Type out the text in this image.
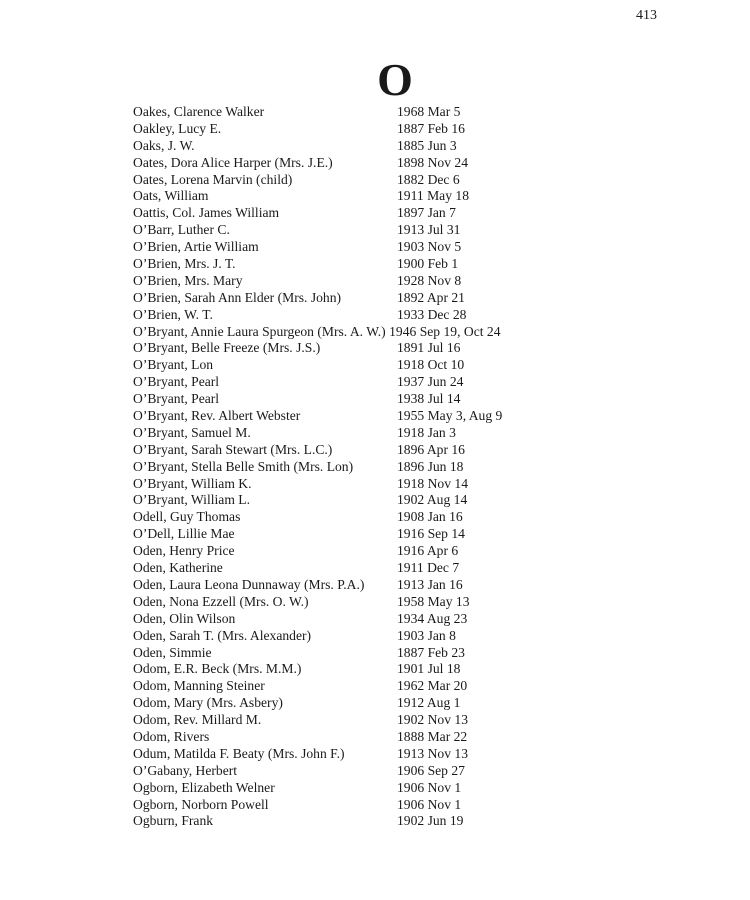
413
O
Oakes, Clarence Walker	1968 Mar 5
Oakley, Lucy E.	1887 Feb 16
Oaks, J. W.	1885 Jun 3
Oates, Dora Alice Harper (Mrs. J.E.)	1898 Nov 24
Oates, Lorena Marvin (child)	1882 Dec 6
Oats, William	1911 May 18
Oattis, Col. James William	1897 Jan 7
O’Barr, Luther C.	1913 Jul 31
O’Brien, Artie William	1903 Nov 5
O’Brien, Mrs. J. T.	1900 Feb 1
O’Brien, Mrs. Mary	1928 Nov 8
O’Brien, Sarah Ann Elder (Mrs. John)	1892 Apr 21
O’Brien, W. T.	1933 Dec 28
O’Bryant, Annie Laura Spurgeon (Mrs. A. W.) 1946 Sep 19, Oct 24
O’Bryant, Belle Freeze (Mrs. J.S.)	1891 Jul 16
O’Bryant, Lon	1918 Oct 10
O’Bryant, Pearl	1937 Jun 24
O’Bryant, Pearl	1938 Jul 14
O’Bryant, Rev. Albert Webster	1955 May 3, Aug 9
O’Bryant, Samuel M.	1918 Jan 3
O’Bryant, Sarah Stewart (Mrs. L.C.)	1896 Apr 16
O’Bryant, Stella Belle Smith (Mrs. Lon)	1896 Jun 18
O’Bryant, William K.	1918 Nov 14
O’Bryant, William L.	1902 Aug 14
Odell, Guy Thomas	1908 Jan 16
O’Dell, Lillie Mae	1916 Sep 14
Oden, Henry Price	1916 Apr 6
Oden, Katherine	1911 Dec 7
Oden, Laura Leona Dunnaway (Mrs. P.A.) 1913 Jan 16
Oden, Nona Ezzell (Mrs. O. W.)	1958 May 13
Oden, Olin Wilson	1934 Aug 23
Oden, Sarah T. (Mrs. Alexander)	1903 Jan 8
Oden, Simmie	1887 Feb 23
Odom, E.R. Beck (Mrs. M.M.)	1901 Jul 18
Odom, Manning Steiner	1962 Mar 20
Odom, Mary (Mrs. Asbery)	1912 Aug 1
Odom, Rev. Millard M.	1902 Nov 13
Odom, Rivers	1888 Mar 22
Odum, Matilda F. Beaty (Mrs. John F.)	1913 Nov 13
O’Gabany, Herbert	1906 Sep 27
Ogborn, Elizabeth Welner	1906 Nov 1
Ogborn, Norborn Powell	1906 Nov 1
Ogburn, Frank	1902 Jun 19
